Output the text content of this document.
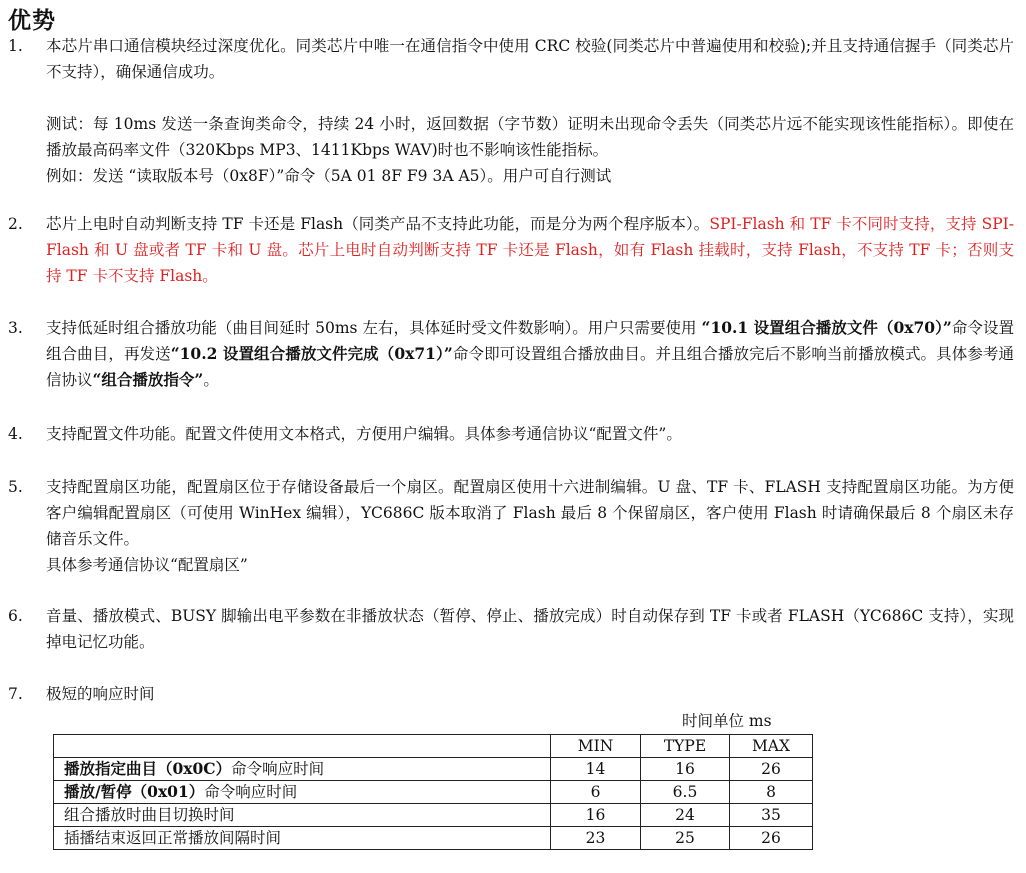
优势
1.	本芯片串口通信模块经过深度优化。同类芯片中唯一在通信指令中使用 CRC 校验(同类芯片中普遍使用和校验);并且支持通信握手（同类芯片不支持），确保通信成功。

测试：每 10ms 发送一条查询类命令，持续 24 小时，返回数据（字节数）证明未出现命令丢失（同类芯片远不能实现该性能指标）。即使在播放最高码率文件（320Kbps MP3、1411Kbps WAV)时也不影响该性能指标。

例如：发送 “读取版本号（0x8F）”命令（5A 01 8F F9 3A A5）。用户可自行测试

2.	芯片上电时自动判断支持 TF 卡还是 Flash（同类产品不支持此功能，而是分为两个程序版本）。SPI-Flash 和 TF 卡不同时支持，支持 SPI-Flash 和 U 盘或者 TF 卡和 U 盘。芯片上电时自动判断支持 TF 卡还是 Flash，如有 Flash 挂载时，支持 Flash，不支持 TF 卡；否则支持 TF 卡不支持 Flash。

3.	支持低延时组合播放功能（曲目间延时 50ms 左右，具体延时受文件数影响）。用户只需要使用 “10.1 设置组合播放文件（0x70）”命令设置组合曲目，再发送“10.2 设置组合播放文件完成（0x71）”命令即可设置组合播放曲目。并且组合播放完后不影响当前播放模式。具体参考通信协议“组合播放指令”。

4.	支持配置文件功能。配置文件使用文本格式，方便用户编辑。具体参考通信协议“配置文件”。

5.	支持配置扇区功能，配置扇区位于存储设备最后一个扇区。配置扇区使用十六进制编辑。U 盘、TF 卡、FLASH 支持配置扇区功能。为方便客户编辑配置扇区（可使用 WinHex 编辑），YC686C 版本取消了 Flash 最后 8 个保留扇区，客户使用 Flash 时请确保最后 8 个扇区未存储音乐文件。

具体参考通信协议“配置扇区”

6.	音量、播放模式、BUSY 脚输出电平参数在非播放状态（暂停、停止、播放完成）时自动保存到 TF 卡或者 FLASH（YC686C 支持），实现掉电记忆功能。

7.	极短的响应时间

时间单位 ms
	MIN	TYPE	MAX
播放指定曲目（0x0C）命令响应时间	14	16	26
播放/暂停（0x01）命令响应时间	6	6.5	8
组合播放时曲目切换时间	16	24	35
插播结束返回正常播放间隔时间	23	25	26
